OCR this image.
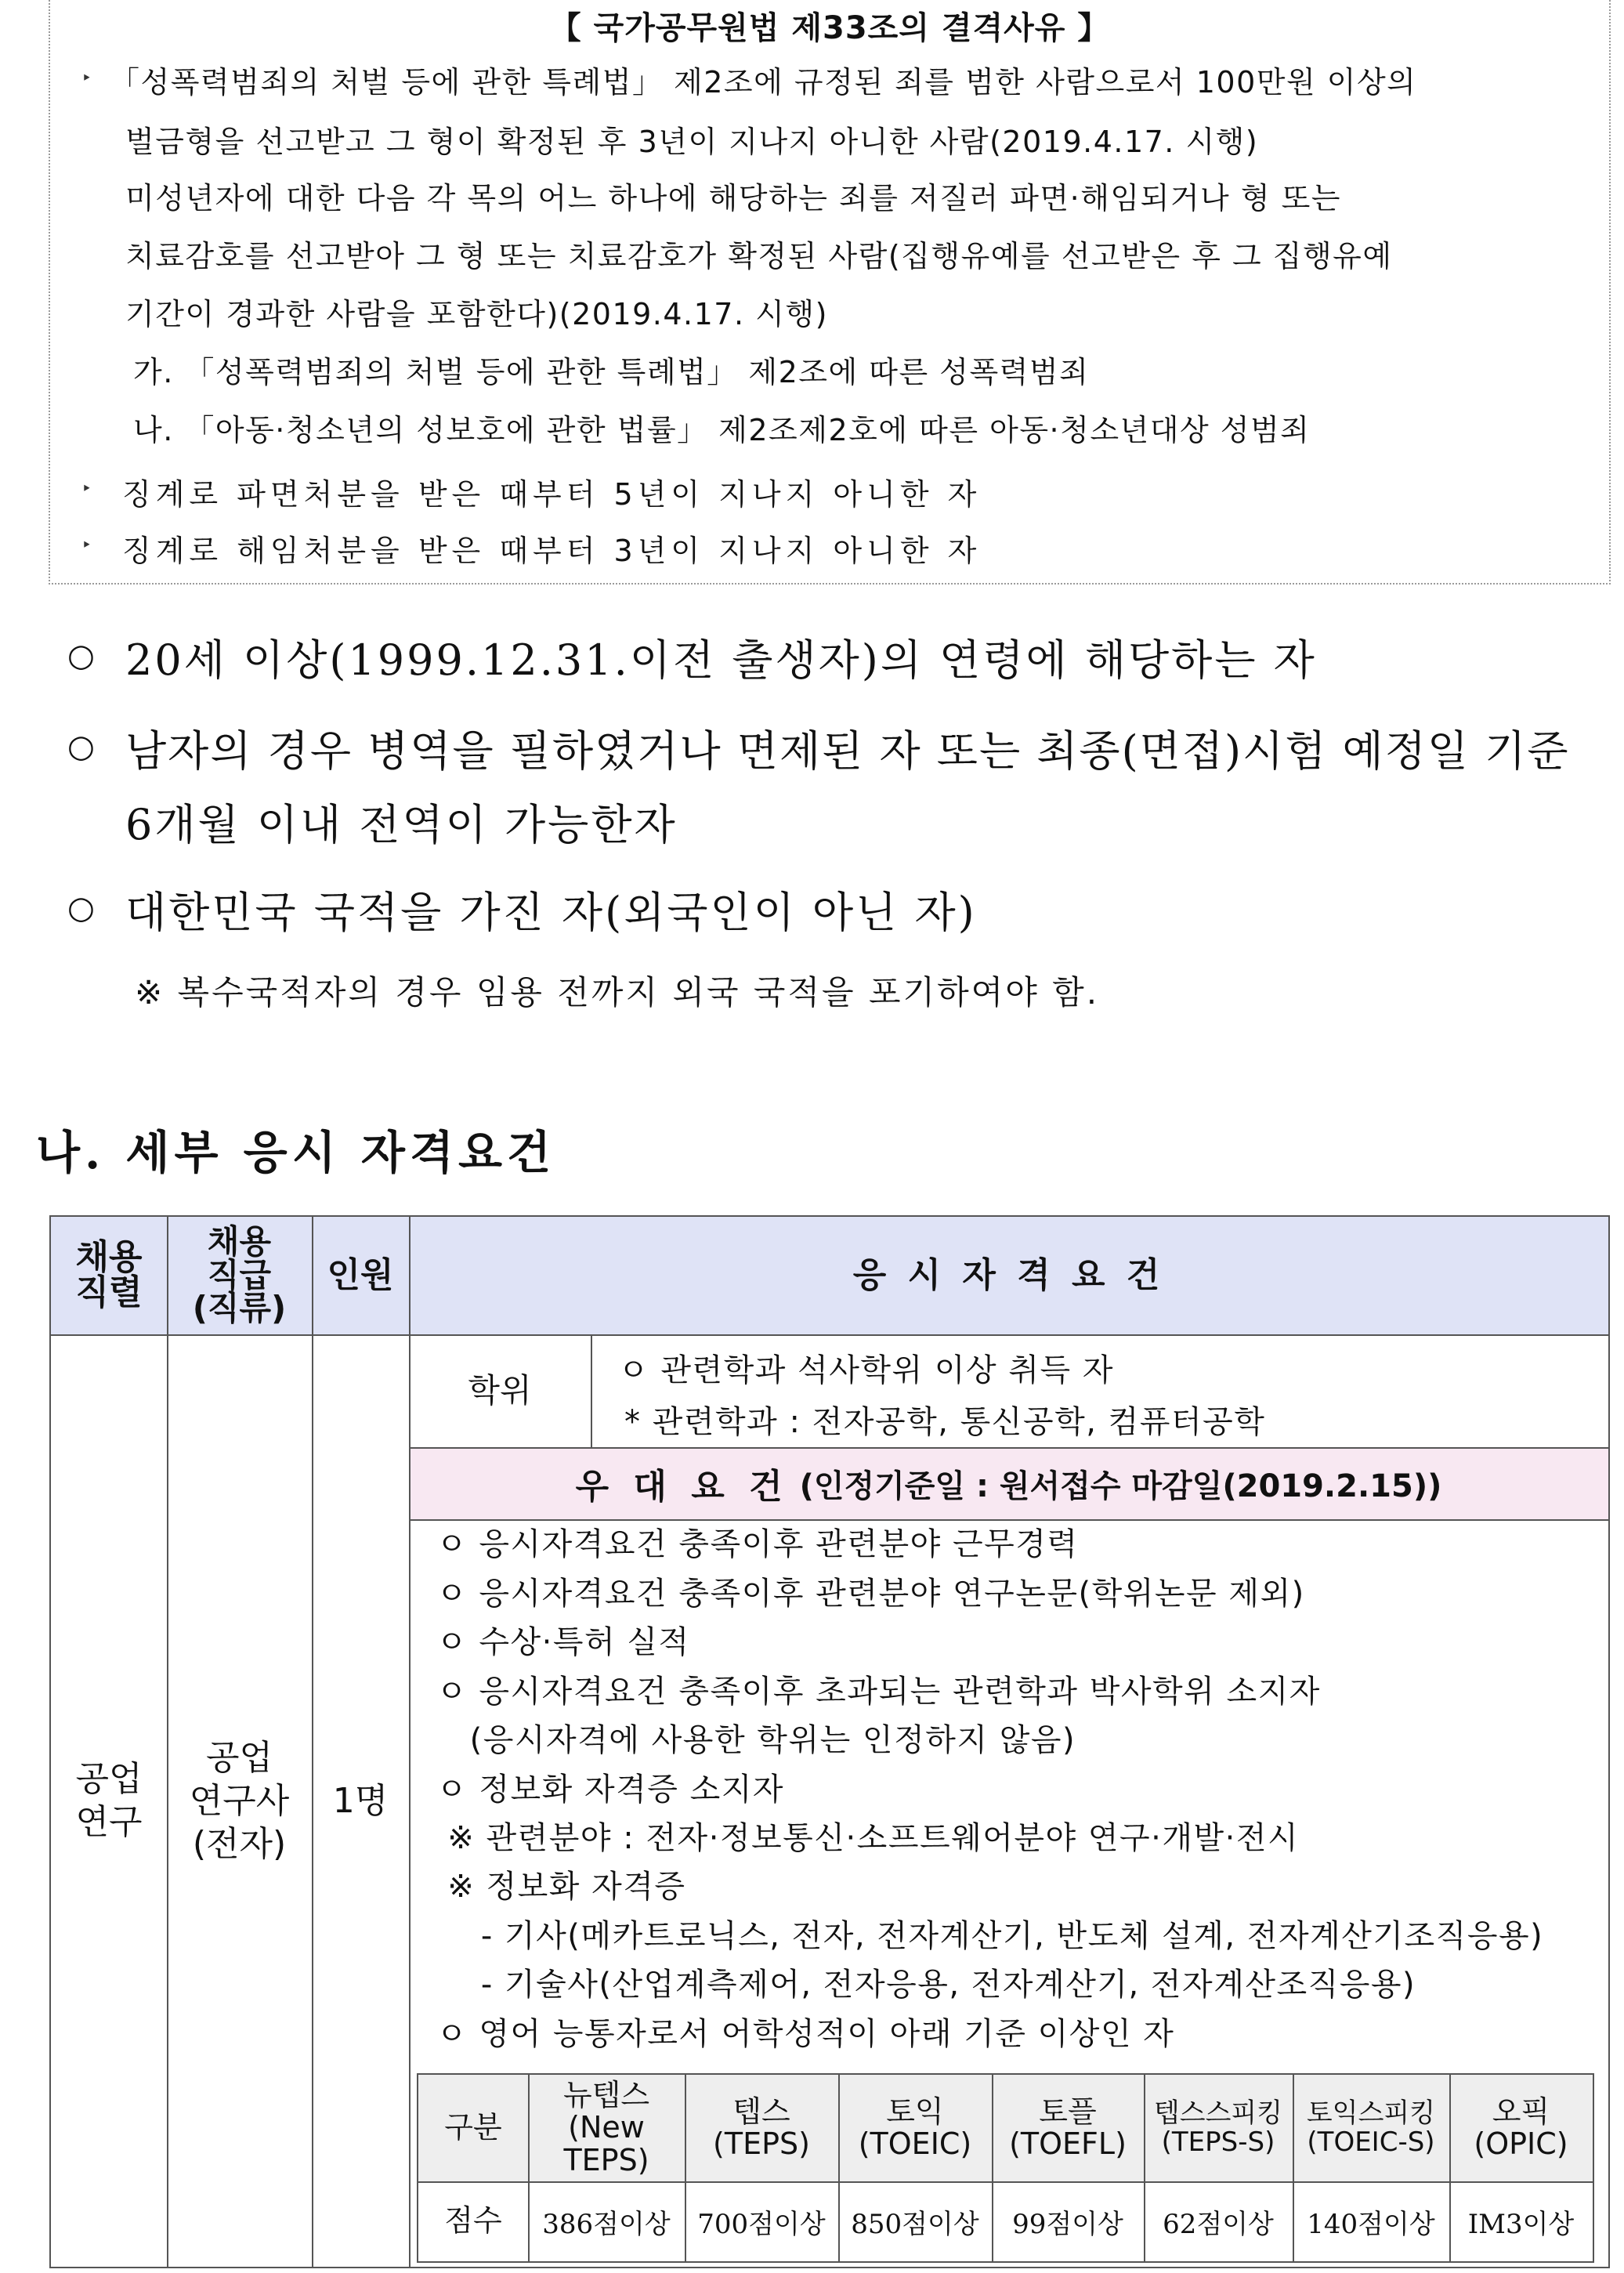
【 국가공무원법 제33조의 결격사유 】
‣ 「성폭력범죄의 처벌 등에 관한 특례법」 제2조에 규정된 죄를 범한 사람으로서 100만원 이상의
벌금형을 선고받고 그 형이 확정된 후 3년이 지나지 아니한 사람(2019.4.17. 시행)
미성년자에 대한 다음 각 목의 어느 하나에 해당하는 죄를 저질러 파면·해임되거나 형 또는
치료감호를 선고받아 그 형 또는 치료감호가 확정된 사람(집행유예를 선고받은 후 그 집행유예
기간이 경과한 사람을 포함한다)(2019.4.17. 시행)
가. 「성폭력범죄의 처벌 등에 관한 특례법」 제2조에 따른 성폭력범죄
나. 「아동·청소년의 성보호에 관한 법률」 제2조제2호에 따른 아동·청소년대상 성범죄
‣ 징계로 파면처분을 받은 때부터 5년이 지나지 아니한 자
‣ 징계로 해임처분을 받은 때부터 3년이 지나지 아니한 자
○ 20세 이상(1999.12.31.이전 출생자)의 연령에 해당하는 자
○ 남자의 경우 병역을 필하였거나 면제된 자 또는 최종(면접)시험 예정일 기준
6개월 이내 전역이 가능한자
○ 대한민국 국적을 가진 자(외국인이 아닌 자)
※ 복수국적자의 경우 임용 전까지 외국 국적을 포기하여야 함.
나. 세부 응시 자격요건
채용
직렬
채용
직급
(직류)
인원	응 시 자 격 요 건
공업
연구
공업
연구사
(전자)
1명
학위
ㅇ 관련학과 석사학위 이상 취득 자
* 관련학과 : 전자공학, 통신공학, 컴퓨터공학
우 대 요 건 (인정기준일 : 원서접수 마감일(2019.2.15))
ㅇ 응시자격요건 충족이후 관련분야 근무경력
ㅇ 응시자격요건 충족이후 관련분야 연구논문(학위논문 제외)
ㅇ 수상·특허 실적
ㅇ 응시자격요건 충족이후 초과되는 관련학과 박사학위 소지자
(응시자격에 사용한 학위는 인정하지 않음)
ㅇ 정보화 자격증 소지자
※ 관련분야 : 전자·정보통신·소프트웨어분야 연구·개발·전시
※ 정보화 자격증
- 기사(메카트로닉스, 전자, 전자계산기, 반도체 설계, 전자계산기조직응용)
- 기술사(산업계측제어, 전자응용, 전자계산기, 전자계산조직응용)
ㅇ 영어 능통자로서 어학성적이 아래 기준 이상인 자
구분
뉴텝스
(New
TEPS)
텝스
(TEPS)
토익
(TOEIC)
토플
(TOEFL)
텝스스피킹
(TEPS-S)
토익스피킹
(TOEIC-S)
오픽
(OPIC)
점수 386점이상 700점이상 850점이상 99점이상 62점이상 140점이상 IM3이상
